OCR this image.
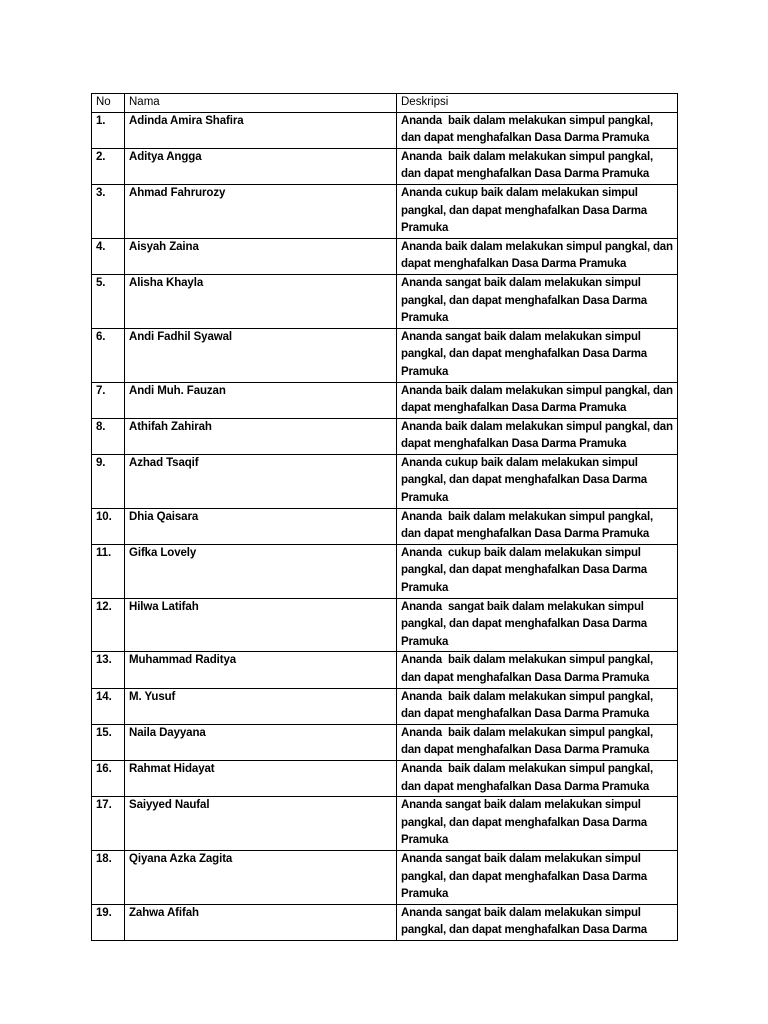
No	Nama	Deskripsi
1.	Adinda Amira Shafira	Ananda  baik dalam melakukan simpul pangkal, dan dapat menghafalkan Dasa Darma Pramuka
2.	Aditya Angga	Ananda  baik dalam melakukan simpul pangkal, dan dapat menghafalkan Dasa Darma Pramuka
3.	Ahmad Fahrurozy	Ananda cukup baik dalam melakukan simpul pangkal, dan dapat menghafalkan Dasa Darma Pramuka
4.	Aisyah Zaina	Ananda baik dalam melakukan simpul pangkal, dan dapat menghafalkan Dasa Darma Pramuka
5.	Alisha Khayla	Ananda sangat baik dalam melakukan simpul pangkal, dan dapat menghafalkan Dasa Darma Pramuka
6.	Andi Fadhil Syawal	Ananda sangat baik dalam melakukan simpul pangkal, dan dapat menghafalkan Dasa Darma Pramuka
7.	Andi Muh. Fauzan	Ananda baik dalam melakukan simpul pangkal, dan dapat menghafalkan Dasa Darma Pramuka
8.	Athifah Zahirah	Ananda baik dalam melakukan simpul pangkal, dan dapat menghafalkan Dasa Darma Pramuka
9.	Azhad Tsaqif	Ananda cukup baik dalam melakukan simpul pangkal, dan dapat menghafalkan Dasa Darma Pramuka
10.	Dhia Qaisara	Ananda  baik dalam melakukan simpul pangkal, dan dapat menghafalkan Dasa Darma Pramuka
11.	Gifka Lovely	Ananda  cukup baik dalam melakukan simpul pangkal, dan dapat menghafalkan Dasa Darma Pramuka
12.	Hilwa Latifah	Ananda  sangat baik dalam melakukan simpul pangkal, dan dapat menghafalkan Dasa Darma Pramuka
13.	Muhammad Raditya	Ananda  baik dalam melakukan simpul pangkal, dan dapat menghafalkan Dasa Darma Pramuka
14.	M. Yusuf	Ananda  baik dalam melakukan simpul pangkal, dan dapat menghafalkan Dasa Darma Pramuka
15.	Naila Dayyana	Ananda  baik dalam melakukan simpul pangkal, dan dapat menghafalkan Dasa Darma Pramuka
16.	Rahmat Hidayat	Ananda  baik dalam melakukan simpul pangkal, dan dapat menghafalkan Dasa Darma Pramuka
17.	Saiyyed Naufal	Ananda sangat baik dalam melakukan simpul pangkal, dan dapat menghafalkan Dasa Darma Pramuka
18.	Qiyana Azka Zagita	Ananda sangat baik dalam melakukan simpul pangkal, dan dapat menghafalkan Dasa Darma Pramuka
19.	Zahwa Afifah	Ananda sangat baik dalam melakukan simpul pangkal, dan dapat menghafalkan Dasa Darma
